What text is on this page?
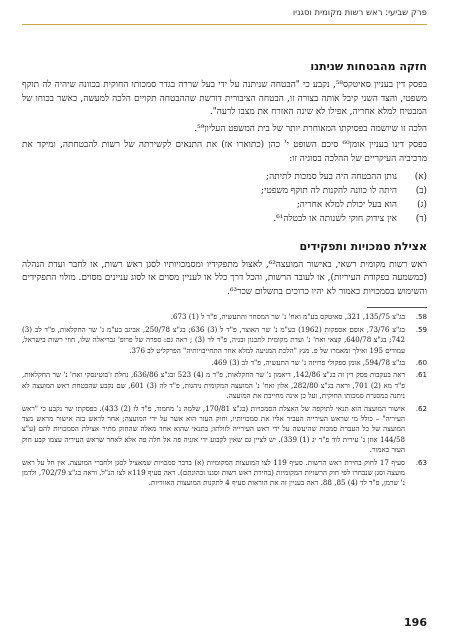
פרק שביעי: ראש רשות מקומית וסגניו
חזקה מהבטחות שניתנו

בפסק דין בעניין סאיטקס⁵⁸, נקבע כי "הבטחה שניתנה על ידי בעל שררה בגדר סמכותו החוקית בכוונה שיהיה לה תוקף משפטי, והצד השני קיבל אותה בצורה זו, הבטחה הציבורית דורשת שההבטחה תקויים הלכה למעשה, כאשר בכוחו של המבטיח למלא אחריה, אפילו לא שינה האזרח את מצבו לרעה".

הלכה זו שיושמה בפסיקתו המאוחרת יותר של בית המשפט העליון⁵⁹.

בפסק דינו בעניין אומן⁶⁰ סיכם השופט י' כהן (כתוארו אז) את התנאים לקשירתה של רשות להבטחתה, ומיקד את מרכיביה העיקריים של ההלכה בסוגיה זו:

(א)
נותן ההבטחה היה בעל סמכות לתיתה;
(ב)
היתה לו כוונה להקנות לה תוקף משפטי;
(ג)
הוא בעל יכולת למלא אחריה;
(ד)
אין צידוק חוקי לשנותה או לבטלה⁶¹.
אצילת סמכויות ותפקידים

ראש רשות מקומית רשאי, באישור המועצה⁶², לאצול מתפקידיו ומסמכויותיו לסגן ראש רשות, או לחבר ועדת הנהלה (כמשמעה בפקודת העיריות), או לעובד הרשות, והכל דרך כלל או לעניין מסוים או לסוג עניינים מסוים. מולוי התפקידים והשימוש בסמכויות כאמור לא יהיו כרוכים בתשלום שכר⁶³.

58.
בג"צ 135/75, 321, סאיטקס בע"מ ואח' נ' שר המסחר והתעשיה, פ"ד ל (1) 673.
59.
בג"צ 73/76, אוסם אספקות (1962) בע"מ נ' שר האוצר, פ"ד ל (3) 636; בג"צ 250/78, אביגב בע"מ נ' שר החקלאות, פ"ד לב (3) 742; בג"צ 640/78, קצאי ואח' נ' ועדת מקומית לתכנון ובניה, פ"ד לד (3) ; ראה גם: ספרה של פרופ' גבריאלה שלו, חוזי רשות בישראל, עמודים 195 ואילך ומאמרו של פ. מנץ "הלכת המניעה למלא אחר התחייבויותיה" הפרקליט לב 376.
60.
בג"צ 594/78, אומן ספקולי פרויזה נ' שר התעשיה, פ"ד לב (3) 469.
61.
ראה בעקבות פסק דין זה בג"צ 142/86, דיאמון נ' שר החקלאות, פ"ד מ (4) 523 ובג"צ 636/86, נחלת ז'בוטינסקי ואח' נ' שר החקלאות, פ"ד מא (2) 701, וראה בג"צ 282/80, אלון ואח' נ' המועצה המקומית ניהגות, פ"ד לה (3) 601, שם נקבע שהבטחת ראש המועצה לא ניתנה במסגרת סמכותו החוקית, ועל כן אינה מחייבת את המועצה.
62.
אישור המועצה הוא תנאי לתוקפה של האצלת הסמכויות (בג"צ 170/81, שלמה נ' מחמוד, פ"ד לו (2) 433). בפסקתו שר נקבע כי "ראש העיריה" – כולל מי שראש העירייה העביר אליו את סמכויותיו, וחוק העזר הוא אשר על ידי המועצה; אחר לראש בזה אישור מראש מצד המועצה של כל העברת סמכות שהיעשה על ידי ראש העירייה לזולתו; בתנאי שהוא אחד מאלה שהחוק מתיר אצילת הסמכויות להם (ע"צ 144/58 אוזן נ' עירית לוד פ"ד יג (1) 339). יש לציין גם שאין לקבוע ידי אזניה פה אל חלה פה אלא לאחר שראש העיריה עצמו קבע חוק העזר כאמור.
63.
סעיף 17 לחוק בחירת ראש הרשות. סעיף 119 לצו המועצות המקומיות (א) בדבר סמכויות שמאציל לסגן ולחברי המועצה. אין חל על ראש מועצה וסגן שנבחרו לפי חוק הרשויות המקומיות (בחירת ראש רשות וסגנו וכהונתם). ראה סעיף 119א לצו הנ"ל, וראה בג"צ 702/79, ולדמן נ' שרמן, פ"ד לד (4) 85, 88. ראה בעניין זה את הוראות סעיף 4 לתקנות המועצות האזוריות.
196
